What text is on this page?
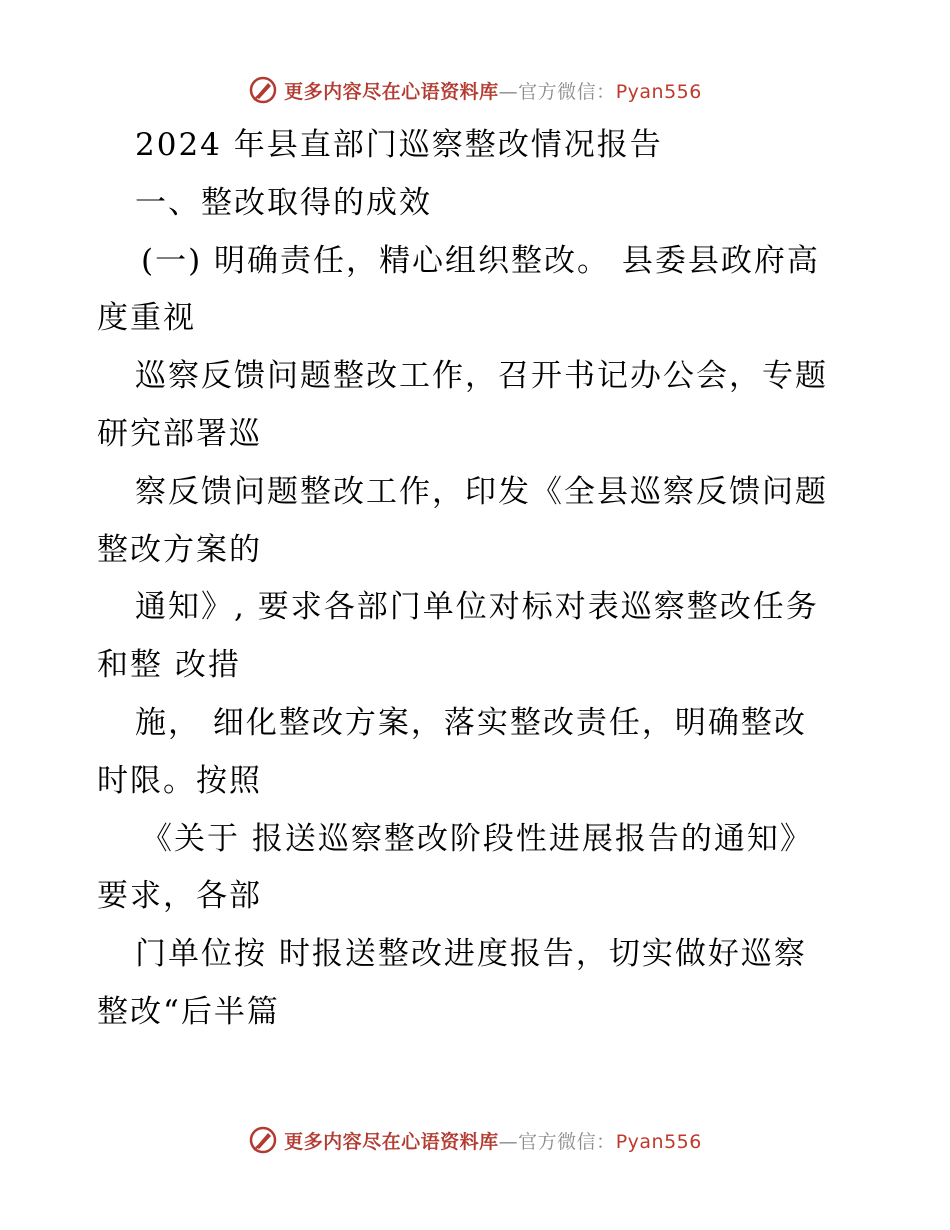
更多内容尽在心语资料库—官方微信：Pyan556
2024 年县直部门巡察整改情况报告
一、整改取得的成效
(一) 明确责任，精心组织整改。 县委县政府高
度重视
巡察反馈问题整改工作，召开书记办公会，专题
研究部署巡
察反馈问题整改工作，印发《全县巡察反馈问题
整改方案的
通知》, 要求各部门单位对标对表巡察整改任务
和整 改措
施， 细化整改方案，落实整改责任，明确整改
时限。按照
《关于 报送巡察整改阶段性进展报告的通知》
要求，各部
门单位按 时报送整改进度报告，切实做好巡察
整改“后半篇
更多内容尽在心语资料库—官方微信：Pyan556
